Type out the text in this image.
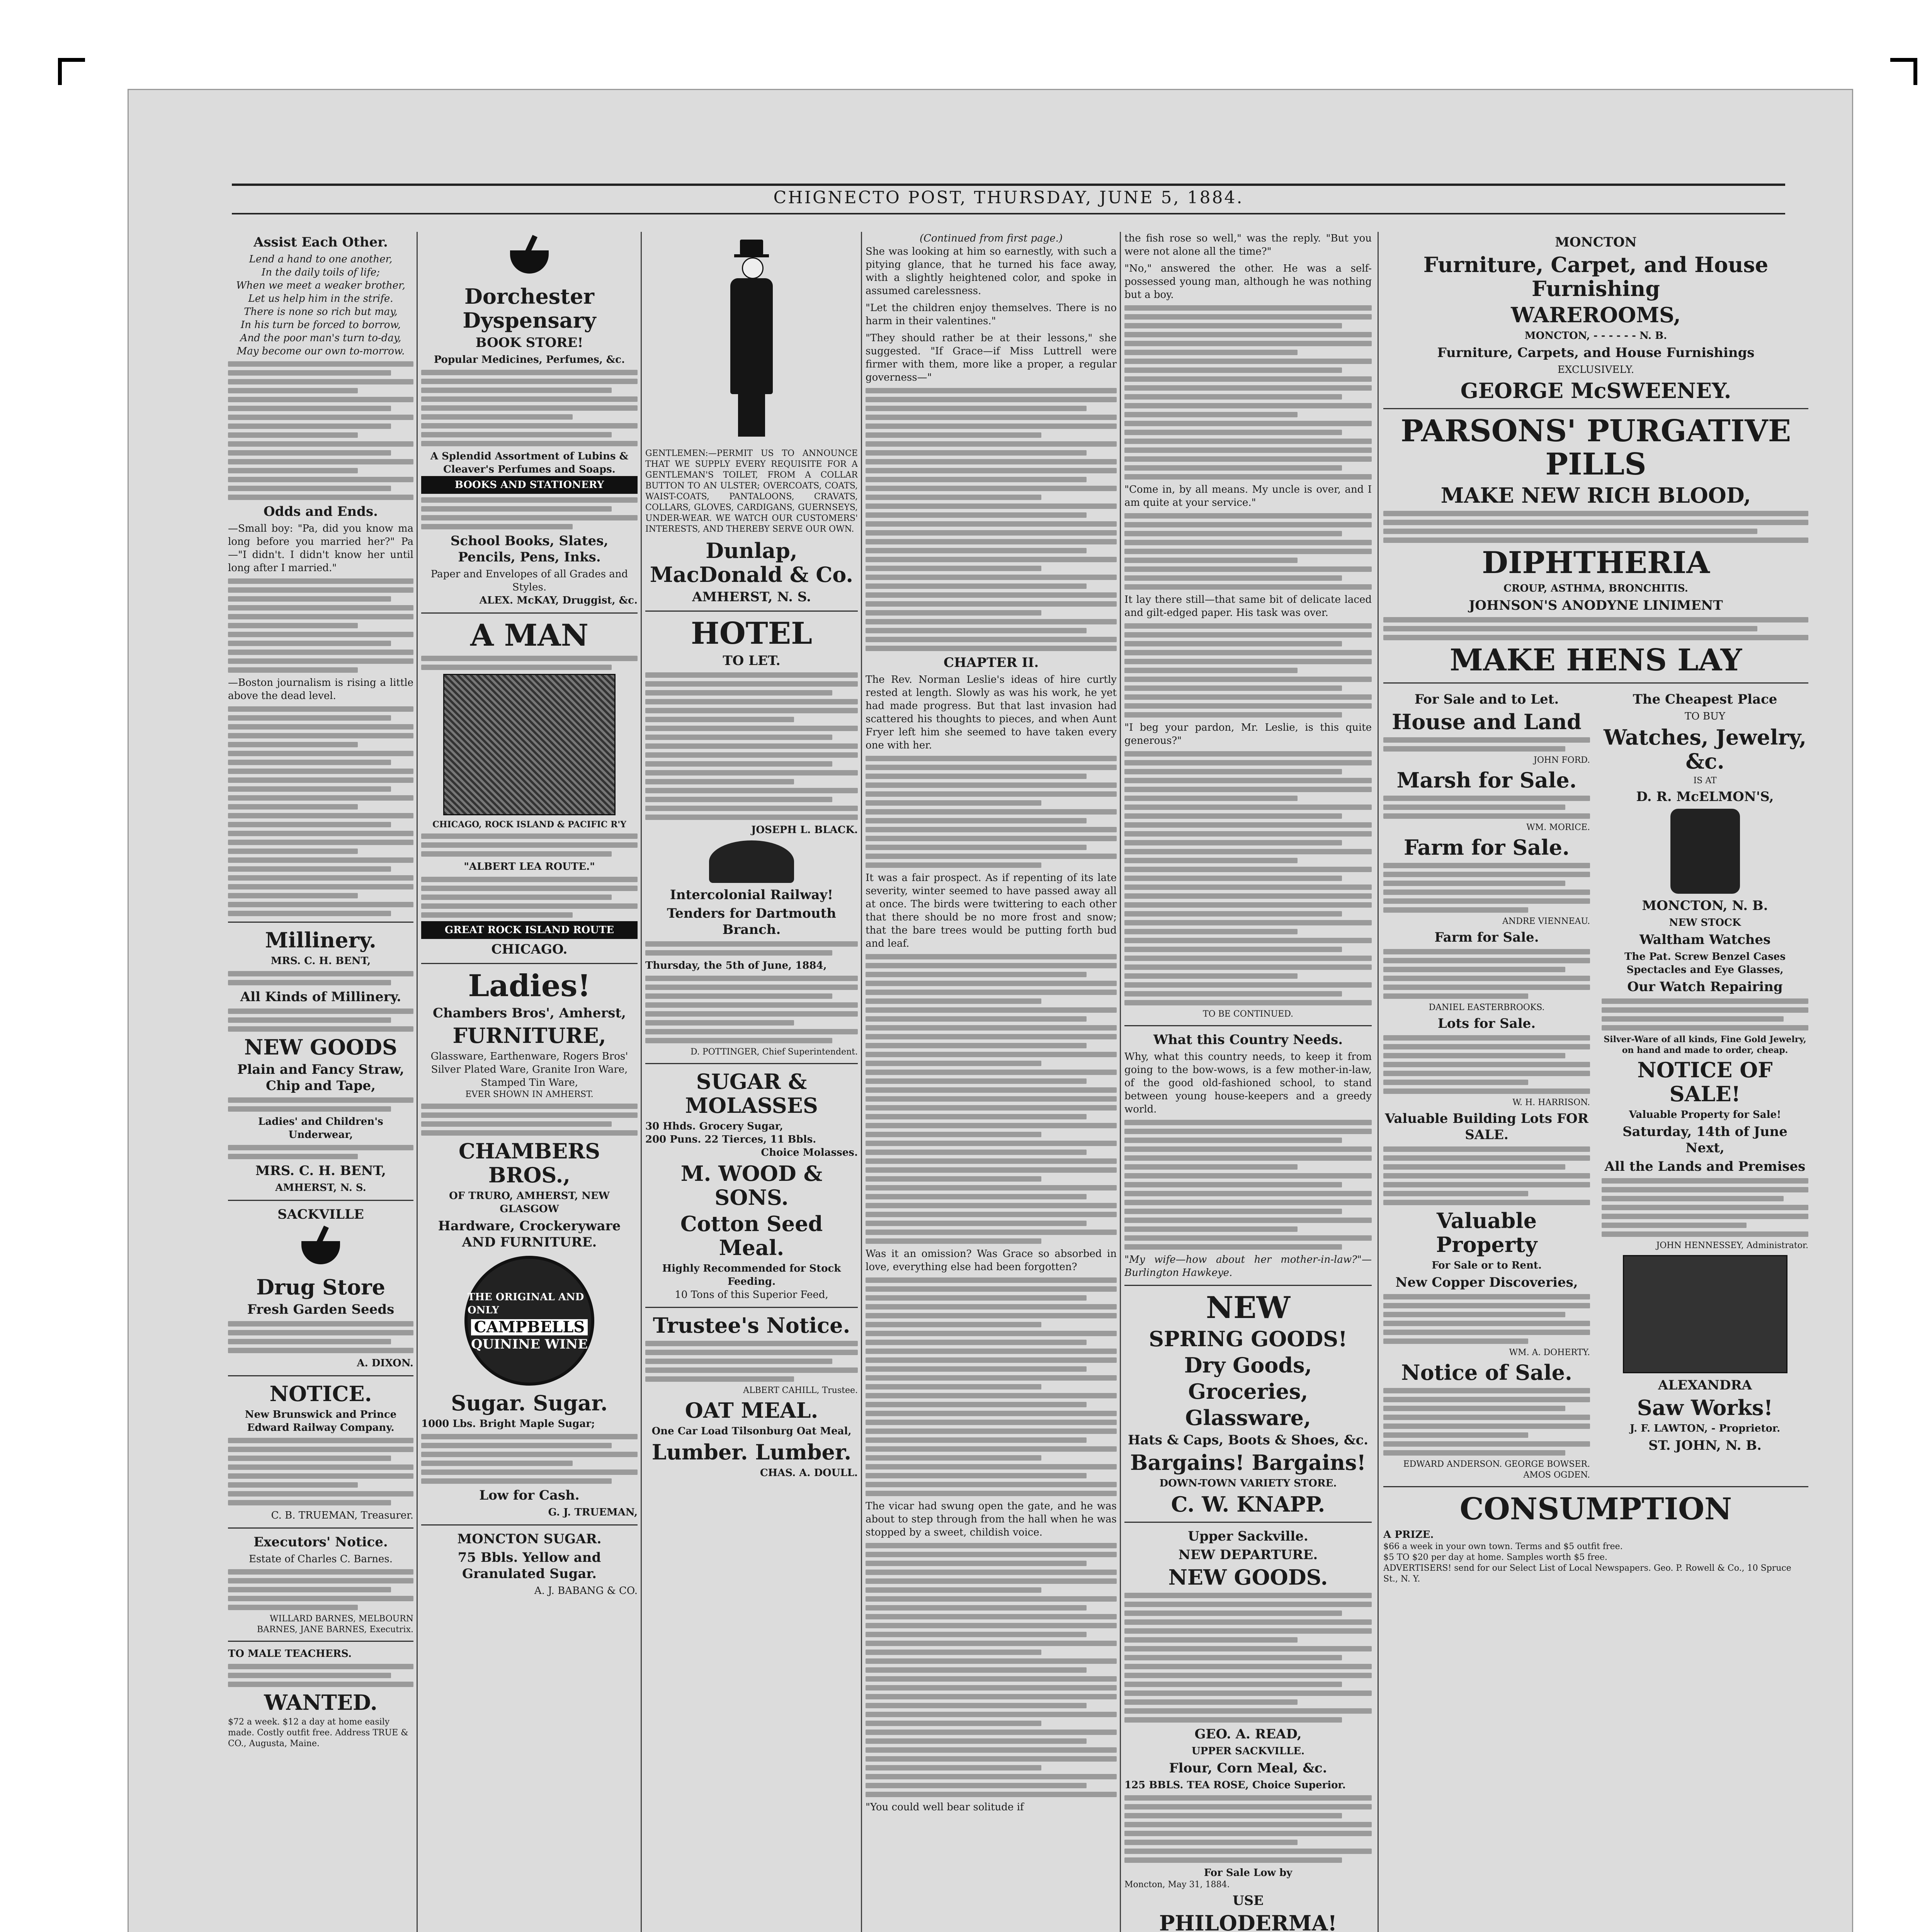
CHIGNECTO POST, THURSDAY, JUNE 5, 1884.
Assist Each Other.
Lend a hand to one another,
In the daily toils of life;
When we meet a weaker brother,
Let us help him in the strife.
There is none so rich but may,
In his turn be forced to borrow,
And the poor man's turn to-day,
May become our own to-morrow.
Odds and Ends.

—Small boy: "Pa, did you know ma long before you married her?" Pa—"I didn't. I didn't know her until long after I married."

—Boston journalism is rising a little above the dead level.

Millinery.
MRS. C. H. BENT,
All Kinds of Millinery.
NEW GOODS
Plain and Fancy Straw, Chip and Tape,
Ladies' and Children's Underwear,
MRS. C. H. BENT,
AMHERST, N. S.
SACKVILLE
Drug Store
Fresh Garden Seeds
A. DIXON.
NOTICE.
New Brunswick and Prince Edward Railway Company.
C. B. TRUEMAN, Treasurer.
Executors' Notice.
Estate of Charles C. Barnes.
WILLARD BARNES, MELBOURN BARNES, JANE BARNES, Executrix.
TO MALE TEACHERS.
WANTED.
$72 a week. $12 a day at home easily made. Costly outfit free. Address TRUE & CO., Augusta, Maine.
Dorchester Dyspensary
BOOK STORE!
Popular Medicines, Perfumes, &c.
A Splendid Assortment of Lubins & Cleaver's Perfumes and Soaps.
BOOKS AND STATIONERY
School Books, Slates, Pencils, Pens, Inks.
Paper and Envelopes of all Grades and Styles.
ALEX. McKAY, Druggist, &c.
A MAN
CHICAGO, ROCK ISLAND & PACIFIC R'Y
"ALBERT LEA ROUTE."
GREAT ROCK ISLAND ROUTE
CHICAGO.
Ladies!
Chambers Bros', Amherst,
FURNITURE,
Glassware, Earthenware, Rogers Bros' Silver Plated Ware, Granite Iron Ware, Stamped Tin Ware,
EVER SHOWN IN AMHERST.
CHAMBERS BROS.,
OF TRURO, AMHERST, NEW GLASGOW
Hardware, Crockeryware AND FURNITURE.
THE ORIGINAL AND ONLY
CAMPBELLS
QUININE WINE
Sugar. Sugar.
1000 Lbs. Bright Maple Sugar;
Low for Cash.
G. J. TRUEMAN,
MONCTON SUGAR.
75 Bbls. Yellow and Granulated Sugar.
A. J. BABANG & CO.

GENTLEMEN:—PERMIT US TO ANNOUNCE THAT WE SUPPLY EVERY REQUISITE FOR A GENTLEMAN'S TOILET, FROM A COLLAR BUTTON TO AN ULSTER; OVERCOATS, COATS, WAIST-COATS, PANTALOONS, CRAVATS, COLLARS, GLOVES, CARDIGANS, GUERNSEYS, UNDER-WEAR. WE WATCH OUR CUSTOMERS' INTERESTS, AND THEREBY SERVE OUR OWN.

Dunlap, MacDonald & Co.
AMHERST, N. S.
HOTEL
TO LET.
JOSEPH L. BLACK.
Intercolonial Railway!
Tenders for Dartmouth Branch.
Thursday, the 5th of June, 1884,
D. POTTINGER, Chief Superintendent.
SUGAR & MOLASSES
30 Hhds. Grocery Sugar,
200 Puns. 22 Tierces, 11 Bbls.
Choice Molasses.
M. WOOD & SONS.
Cotton Seed Meal.
Highly Recommended for Stock Feeding.
10 Tons of this Superior Feed,
Trustee's Notice.
ALBERT CAHILL, Trustee.
OAT MEAL.
One Car Load Tilsonburg Oat Meal,
Lumber. Lumber.
CHAS. A. DOULL.
(Continued from first page.)

She was looking at him so earnestly, with such a pitying glance, that he turned his face away, with a slightly heightened color, and spoke in assumed carelessness.

"Let the children enjoy themselves. There is no harm in their valentines."

"They should rather be at their lessons," she suggested. "If Grace—if Miss Luttrell were firmer with them, more like a proper, a regular governess—"

CHAPTER II.

The Rev. Norman Leslie's ideas of hire curtly rested at length. Slowly as was his work, he yet had made progress. But that last invasion had scattered his thoughts to pieces, and when Aunt Fryer left him she seemed to have taken every one with her.

It was a fair prospect. As if repenting of its late severity, winter seemed to have passed away all at once. The birds were twittering to each other that there should be no more frost and snow; that the bare trees would be putting forth bud and leaf.

Was it an omission? Was Grace so absorbed in love, everything else had been forgotten?

The vicar had swung open the gate, and he was about to step through from the hall when he was stopped by a sweet, childish voice.

"You could well bear solitude if

the fish rose so well," was the reply. "But you were not alone all the time?"

"No," answered the other. He was a self-possessed young man, although he was nothing but a boy.

"Come in, by all means. My uncle is over, and I am quite at your service."

It lay there still—that same bit of delicate laced and gilt-edged paper. His task was over.

"I beg your pardon, Mr. Leslie, is this quite generous?"

TO BE CONTINUED.
What this Country Needs.

Why, what this country needs, to keep it from going to the bow-wows, is a few mother-in-law, of the good old-fashioned school, to stand between young house-keepers and a greedy world.

"My wife—how about her mother-in-law?"—Burlington Hawkeye.

NEW
SPRING GOODS!
Dry Goods,
Groceries,
Glassware,
Hats & Caps, Boots & Shoes, &c.
Bargains! Bargains!
DOWN-TOWN VARIETY STORE.
C. W. KNAPP.
Upper Sackville.
NEW DEPARTURE.
NEW GOODS.
GEO. A. READ,
UPPER SACKVILLE.
Flour, Corn Meal, &c.
125 BBLS. TEA ROSE, Choice Superior.
For Sale Low by
Moncton, May 31, 1884.
USE
PHILODERMA!
MONCTON
Furniture, Carpet, and House Furnishing
WAREROOMS,
MONCTON, - - - - - - N. B.
Furniture, Carpets, and House Furnishings
EXCLUSIVELY.
GEORGE McSWEENEY.
PARSONS' PURGATIVE PILLS
MAKE NEW RICH BLOOD,
DIPHTHERIA
CROUP, ASTHMA, BRONCHITIS.
JOHNSON'S ANODYNE LINIMENT
MAKE HENS LAY
For Sale and to Let.
House and Land
JOHN FORD.
Marsh for Sale.
WM. MORICE.
Farm for Sale.
ANDRE VIENNEAU.
Farm for Sale.
DANIEL EASTERBROOKS.
Lots for Sale.
W. H. HARRISON.
Valuable Building Lots FOR SALE.
Valuable Property
For Sale or to Rent.
New Copper Discoveries,
WM. A. DOHERTY.
Notice of Sale.
EDWARD ANDERSON. GEORGE BOWSER. AMOS OGDEN.
The Cheapest Place
TO BUY
Watches, Jewelry, &c.
IS AT
D. R. McELMON'S,
MONCTON, N. B.
NEW STOCK
Waltham Watches
The Pat. Screw Benzel Cases
Spectacles and Eye Glasses,
Our Watch Repairing
Silver-Ware of all kinds, Fine Gold Jewelry, on hand and made to order, cheap.
NOTICE OF SALE!
Valuable Property for Sale!
Saturday, 14th of June Next,
All the Lands and Premises
JOHN HENNESSEY, Administrator.
ALEXANDRA
Saw Works!
J. F. LAWTON, - Proprietor.
ST. JOHN, N. B.
CONSUMPTION
A PRIZE.
$66 a week in your own town. Terms and $5 outfit free.
$5 TO $20 per day at home. Samples worth $5 free.
ADVERTISERS! send for our Select List of Local Newspapers. Geo. P. Rowell & Co., 10 Spruce St., N. Y.
